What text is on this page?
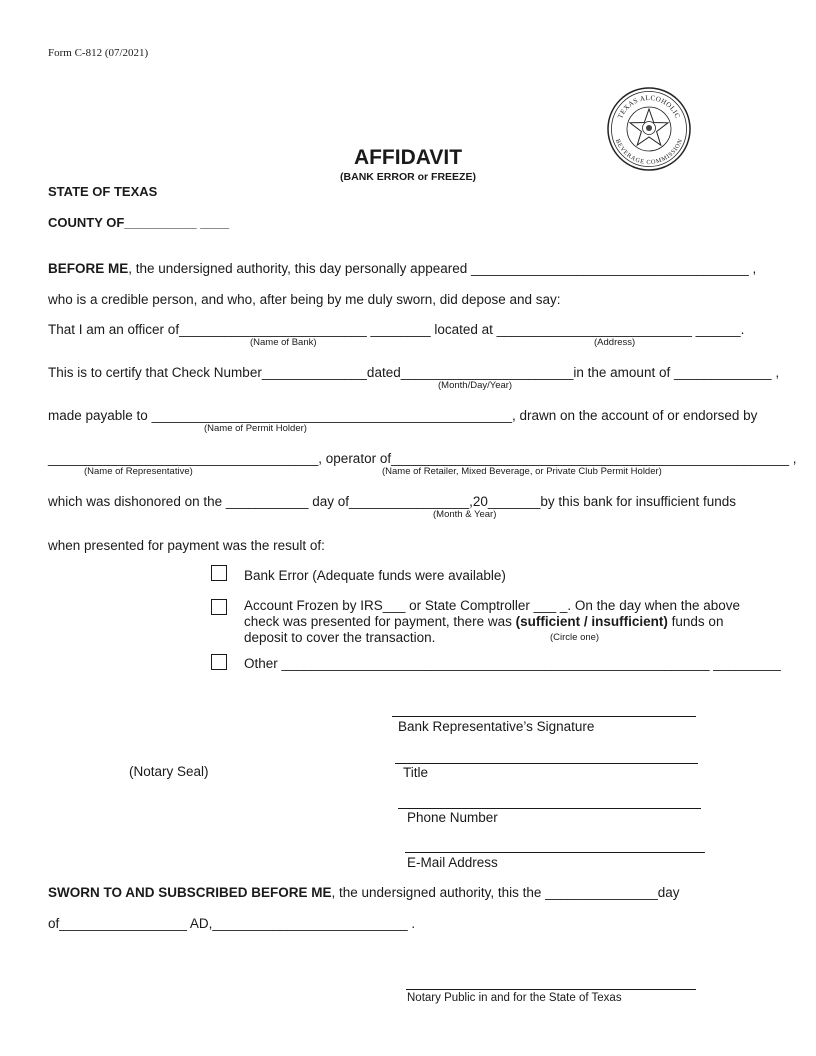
Form C-812 (07/2021)
TEXAS ALCOHOLIC
BEVERAGE COMMISSION
AFFIDAVIT
(BANK ERROR or FREEZE)
STATE OF TEXAS
COUNTY OF__________ ____
BEFORE ME, the undersigned authority, this day personally appeared _____________________________________ ,
who is a credible person, and who, after being by me duly sworn, did depose and say:
That I am an officer of_________________________ ________ located at __________________________ ______.
(Name of Bank)	(Address)
This is to certify that Check Number______________dated_______________________in the amount of _____________ ,
(Month/Day/Year)
made payable to ________________________________________________, drawn on the account of or endorsed by
(Name of Permit Holder)
____________________________________, operator of_____________________________________________________ ,
(Name of Representative)	(Name of Retailer, Mixed Beverage, or Private Club Permit Holder)
which was dishonored on the ___________ day of________________,20_______by this bank for insufficient funds
(Month & Year)
when presented for payment was the result of:
Bank Error (Adequate funds were available)
Account Frozen by IRS___ or State Comptroller ___ _. On the day when the above
check was presented for payment, there was (sufficient / insufficient) funds on
deposit to cover the transaction.	(Circle one)
Other _________________________________________________________ _________
Bank Representative’s Signature
(Notary Seal)	Title
Phone Number
E-Mail Address
SWORN TO AND SUBSCRIBED BEFORE ME, the undersigned authority, this the _______________day
of_________________ AD,__________________________ .
Notary Public in and for the State of Texas
